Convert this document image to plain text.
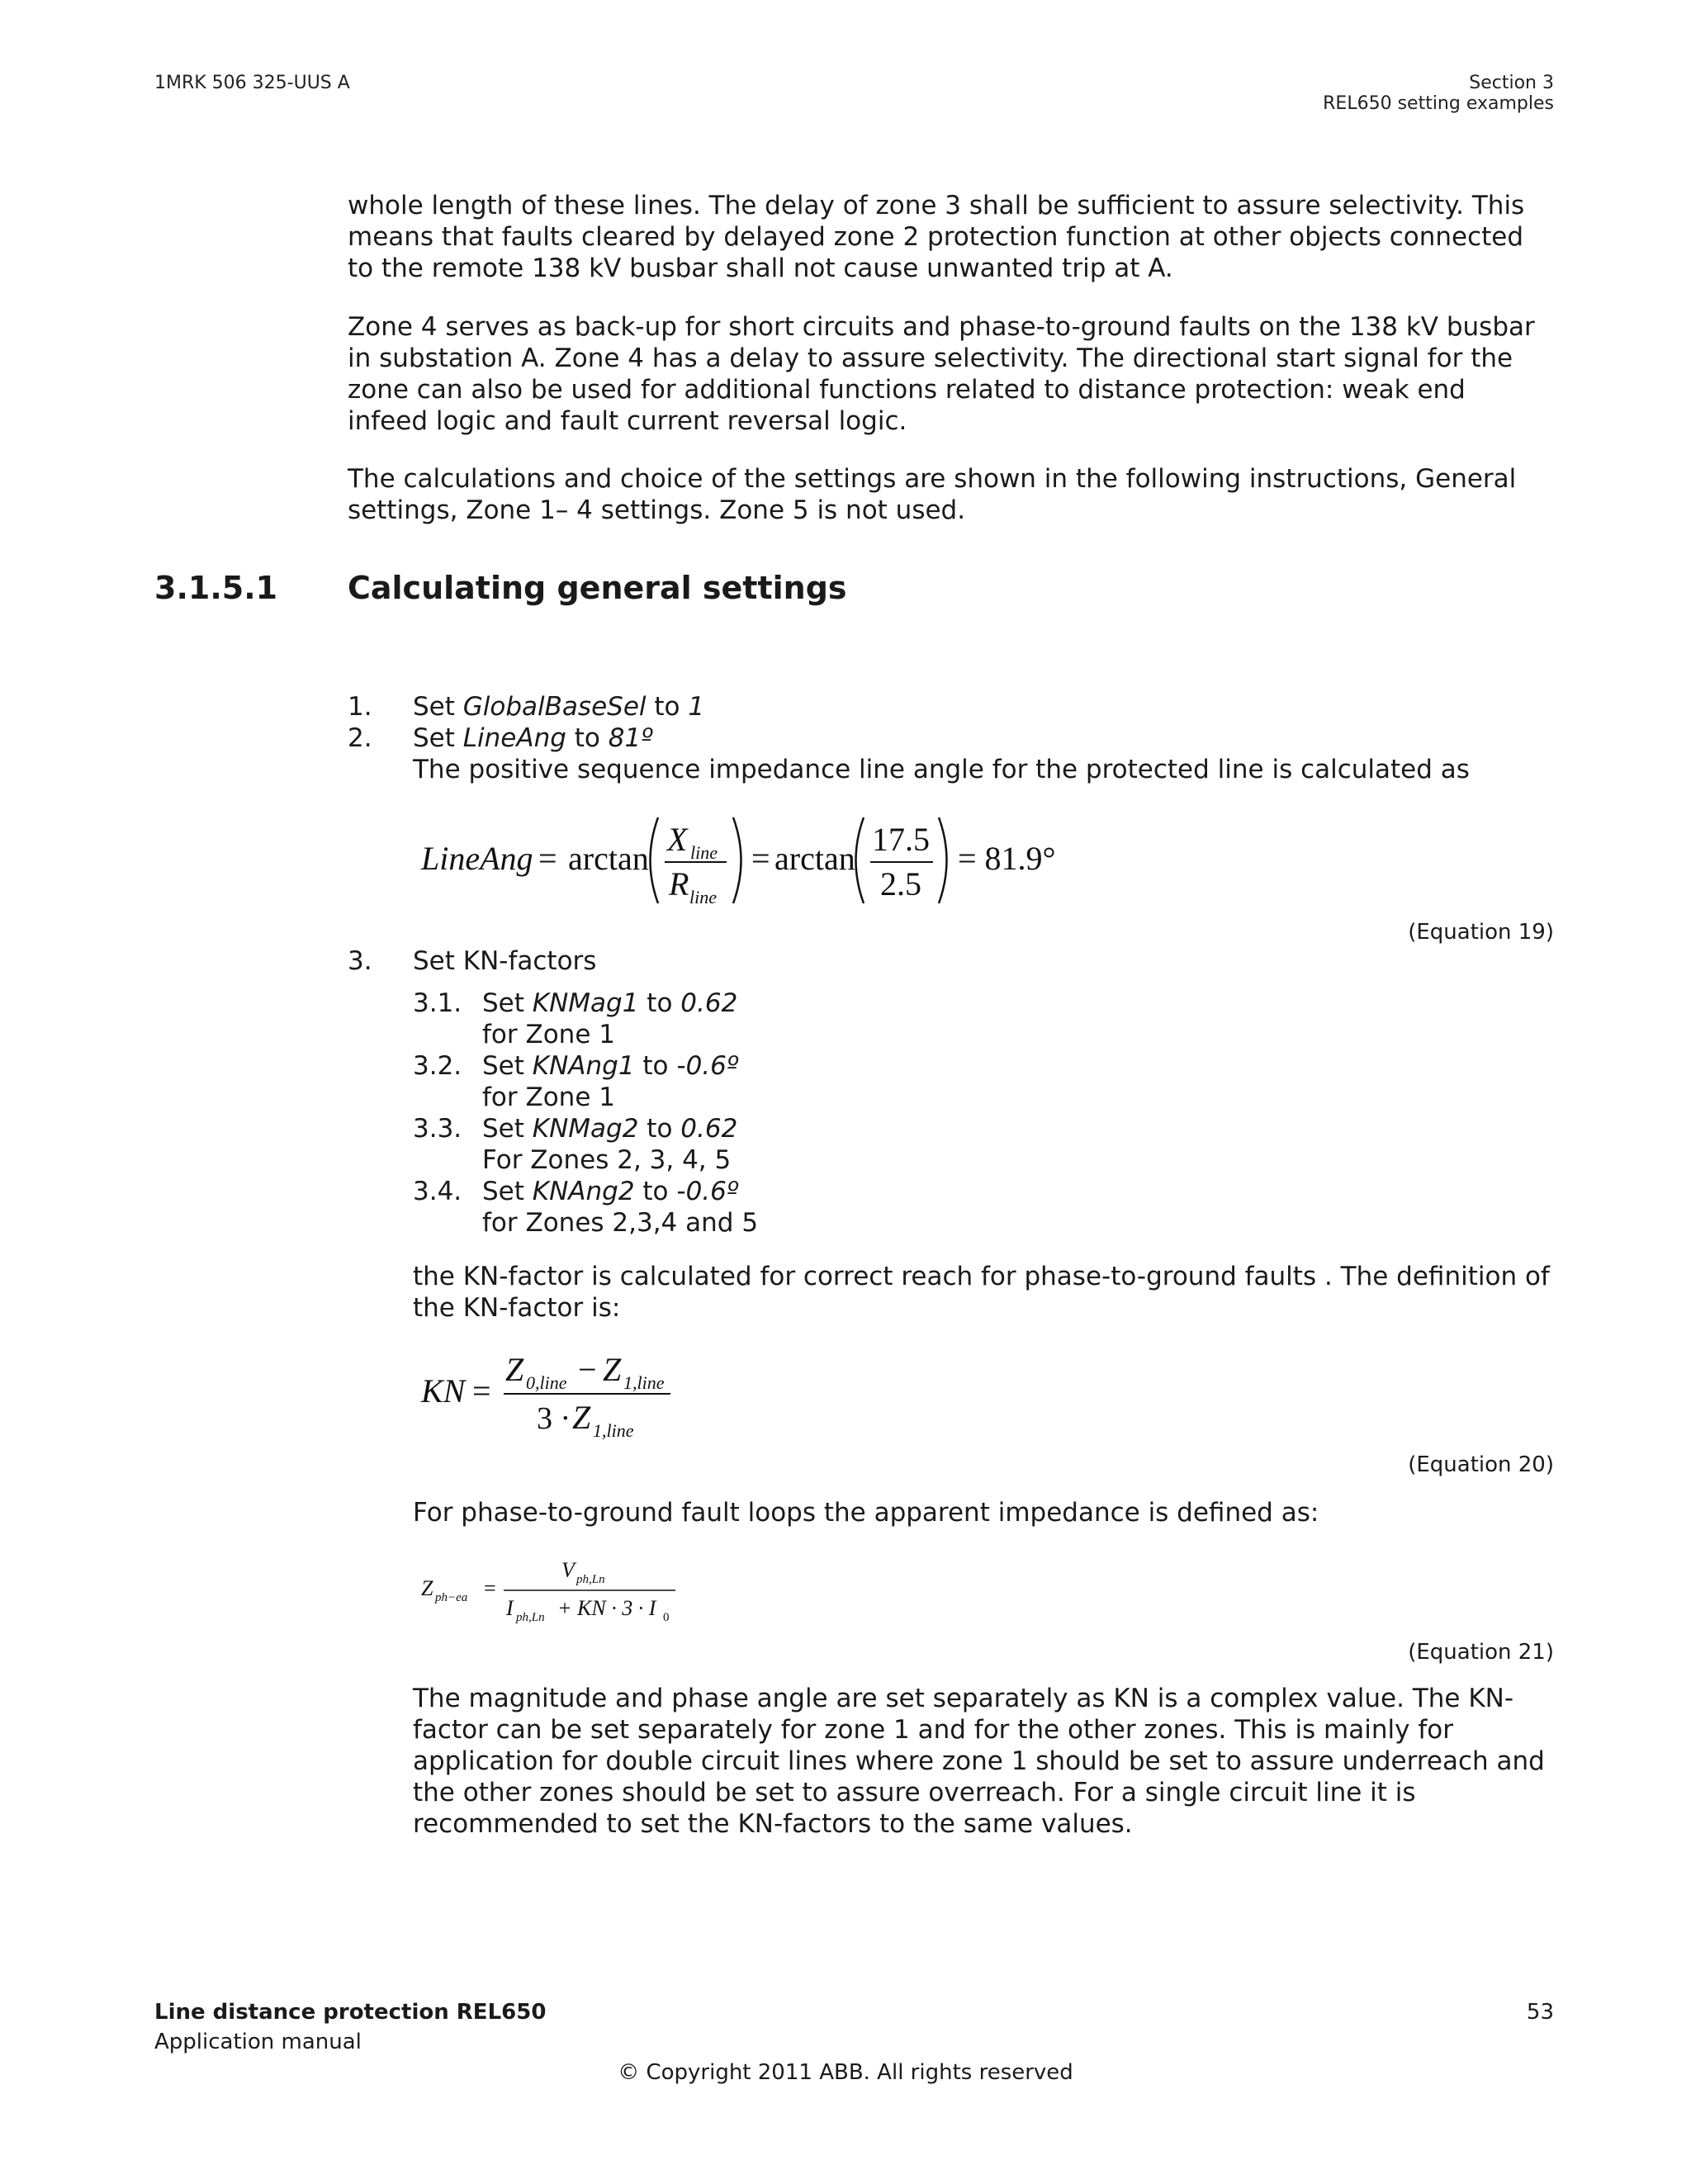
1MRK 506 325-UUS A	Section 3
REL650 setting examples
whole length of these lines. The delay of zone 3 shall be sufficient to assure selectivity. This means that faults cleared by delayed zone 2 protection function at other objects connected to the remote 138 kV busbar shall not cause unwanted trip at A.
Zone 4 serves as back-up for short circuits and phase-to-ground faults on the 138 kV busbar in substation A. Zone 4 has a delay to assure selectivity. The directional start signal for the zone can also be used for additional functions related to distance protection: weak end infeed logic and fault current reversal logic.
The calculations and choice of the settings are shown in the following instructions, General settings, Zone 1– 4 settings. Zone 5 is not used.
3.1.5.1 Calculating general settings
1. Set GlobalBaseSel to 1
2. Set LineAng to 81º
The positive sequence impedance line angle for the protected line is calculated as
LineAng = arctan
X line
R line
= arctan
17.5
2.5
= 81.9°
(Equation 19)
3. Set KN-factors
3.1. Set KNMag1 to 0.62
for Zone 1
3.2. Set KNAng1 to -0.6º
for Zone 1
3.3. Set KNMag2 to 0.62
For Zones 2, 3, 4, 5
3.4. Set KNAng2 to -0.6º
for Zones 2,3,4 and 5
the KN-factor is calculated for correct reach for phase-to-ground faults . The definition of the KN-factor is:
KN =
Z 0,line − Z 1,line
3 · Z 1,line
(Equation 20)
For phase-to-ground fault loops the apparent impedance is defined as:
Z ph−ea =
V ph,Ln
I ph,Ln + KN · 3 · I 0
(Equation 21)
The magnitude and phase angle are set separately as KN is a complex value. The KN-factor can be set separately for zone 1 and for the other zones. This is mainly for application for double circuit lines where zone 1 should be set to assure underreach and the other zones should be set to assure overreach. For a single circuit line it is recommended to set the KN-factors to the same values.
Line distance protection REL650
Application manual
53
© Copyright 2011 ABB. All rights reserved
